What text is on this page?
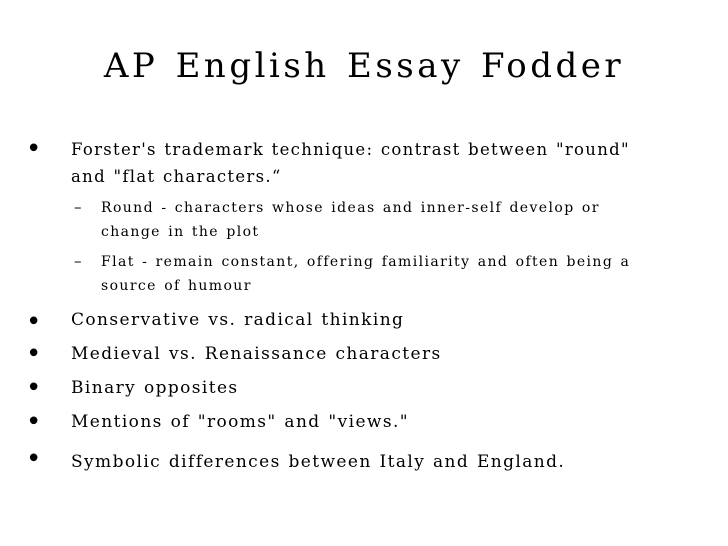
AP English Essay Fodder
• Forster's trademark technique: contrast between "round"
and "flat characters.“
– Round - characters whose ideas and inner-self develop or
change in the plot
– Flat - remain constant, offering familiarity and often being a
source of humour
• Conservative vs. radical thinking
• Medieval vs. Renaissance characters
• Binary opposites
• Mentions of "rooms" and "views."
• Symbolic differences between Italy and England.
